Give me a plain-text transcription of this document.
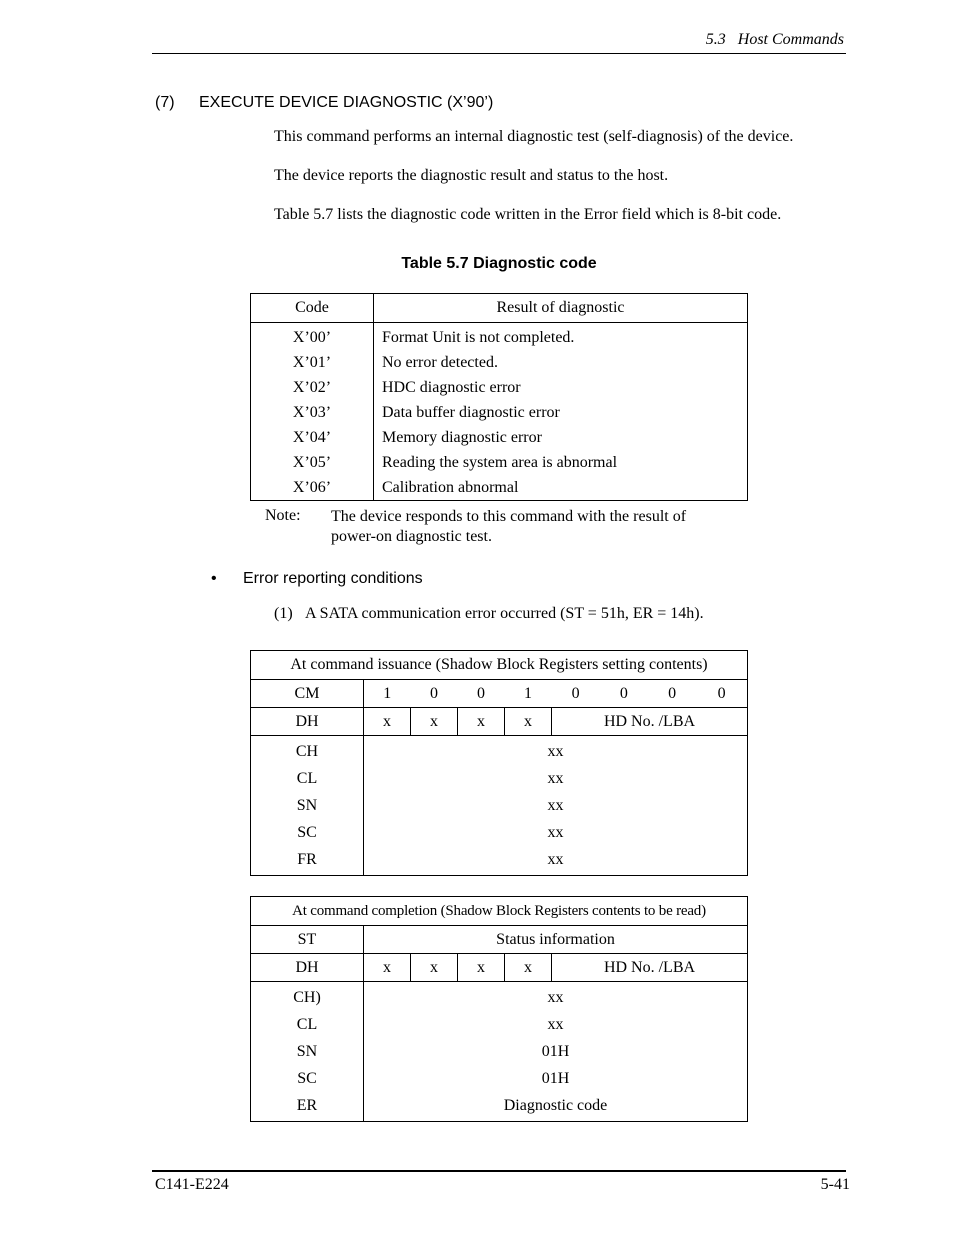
5.3   Host Commands
(7) EXECUTE DEVICE DIAGNOSTIC (X’90’)
This command performs an internal diagnostic test (self-diagnosis) of the device.
The device reports the diagnostic result and status to the host.
Table 5.7 lists the diagnostic code written in the Error field which is 8-bit code.
Table 5.7 Diagnostic code
Code	Result of diagnostic
X’00’	Format Unit is not completed.
X’01’	No error detected.
X’02’	HDC diagnostic error
X’03’	Data buffer diagnostic error
X’04’	Memory diagnostic error
X’05’	Reading the system area is abnormal
X’06’	Calibration abnormal
Note: The device responds to this command with the result of power-on diagnostic test.
• Error reporting conditions
(1) A SATA communication error occurred (ST = 51h, ER = 14h).
At command issuance (Shadow Block Registers setting contents)								
CM	1	0	0	1	0	0	0	0
DH	x	x	x	x	HD No. /LBA			
CH	xx							
CL	xx							
SN	xx							
SC	xx							
FR	xx							
At command completion (Shadow Block Registers contents to be read)					
ST	Status information				
DH	x	x	x	x	HD No. /LBA
CH)	xx				
CL	xx				
SN	01H				
SC	01H				
ER	Diagnostic code				
C141-E224	5-41
